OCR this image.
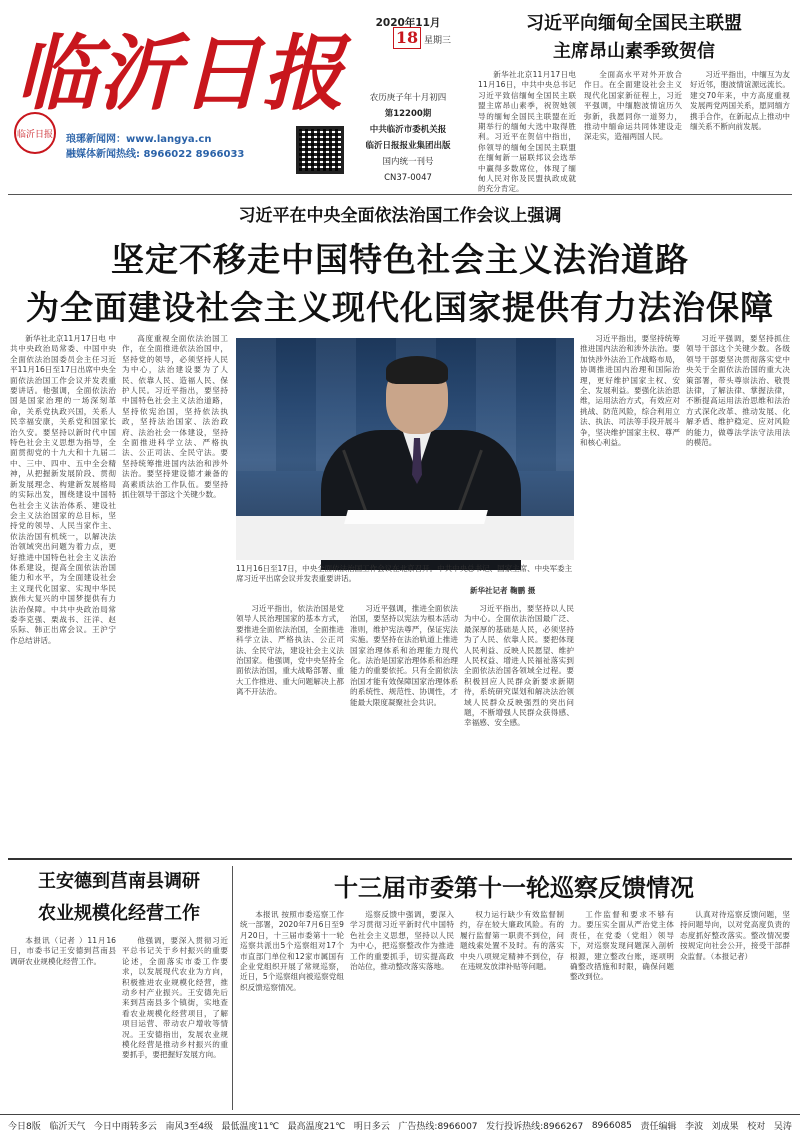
临沂日报
临沂日报 琅琊新闻网：www.langya.cn
融媒体新闻热线: 8966022 8966033
2020年11月
18 星期三
农历庚子年十月初四
第12200期
中共临沂市委机关报
临沂日报报业集团出版
国内统一刊号
CN37-0047
习近平向缅甸全国民主联盟
主席昂山素季致贺信

新华社北京11月17日电 11月16日，中共中央总书记习近平致信缅甸全国民主联盟主席昂山素季，祝贺她领导的缅甸全国民主联盟在近期举行的缅甸大选中取得胜利。习近平在贺信中指出，你领导的缅甸全国民主联盟在缅甸新一届联邦议会选举中赢得多数席位，体现了缅甸人民对你及民盟执政成就的充分肯定。

全面高水平对外开放合作日。在全面建设社会主义现代化国家新征程上，习近平强调，中缅胞波情谊历久弥新，我愿同你一道努力，推动中缅命运共同体建设走深走实，造福两国人民。

习近平指出，中缅互为友好近邻，胞波情谊源远流长。建交70年来，中方高度重视发展两党两国关系，愿同缅方携手合作，在新起点上推动中缅关系不断向前发展。

习近平在中央全面依法治国工作会议上强调
坚定不移走中国特色社会主义法治道路
为全面建设社会主义现代化国家提供有力法治保障

新华社北京11月17日电 中共中央政治局常委、中国中央全面依法治国委员会主任习近平11月16日至17日出席中央全面依法治国工作会议并发表重要讲话。他强调，全面依法治国是国家治理的一场深刻革命，关系党执政兴国，关系人民幸福安康，关系党和国家长治久安。要坚持以新时代中国特色社会主义思想为指导，全面贯彻党的十九大和十九届二中、三中、四中、五中全会精神，从把握新发展阶段、贯彻新发展理念、构建新发展格局的实际出发，围绕建设中国特色社会主义法治体系、建设社会主义法治国家的总目标，坚持党的领导、人民当家作主、依法治国有机统一，以解决法治领域突出问题为着力点，更好推进中国特色社会主义法治体系建设，提高全面依法治国能力和水平，为全面建设社会主义现代化国家、实现中华民族伟大复兴的中国梦提供有力法治保障。中共中央政治局常委李克强、栗战书、汪洋、赵乐际、韩正出席会议。王沪宁作总结讲话。

高度重视全面依法治国工作，在全面推进依法治国中，坚持党的领导，必须坚持人民为中心，法治建设要为了人民、依靠人民、造福人民、保护人民。习近平指出，要坚持中国特色社会主义法治道路，坚持依宪治国，坚持依法执政，坚持法治国家、法治政府、法治社会一体建设，坚持全面推进科学立法、严格执法、公正司法、全民守法。要坚持统筹推进国内法治和涉外法治。要坚持建设德才兼备的高素质法治工作队伍。要坚持抓住领导干部这个关键少数。

习近平指出，要坚持统筹推进国内法治和涉外法治。要加快涉外法治工作战略布局，协调推进国内治理和国际治理，更好维护国家主权、安全、发展利益。要强化法治思维，运用法治方式，有效应对挑战、防范风险，综合利用立法、执法、司法等手段开展斗争，坚决维护国家主权、尊严和核心利益。

习近平强调，要坚持抓住领导干部这个关键少数。各级领导干部要坚决贯彻落实党中央关于全面依法治国的重大决策部署，带头尊崇法治、敬畏法律，了解法律、掌握法律，不断提高运用法治思维和法治方式深化改革、推动发展、化解矛盾、维护稳定、应对风险的能力，做尊法学法守法用法的模范。

习近平指出，依法治国是党领导人民治理国家的基本方式，要推进全面依法治国，全面推进科学立法、严格执法、公正司法、全民守法，建设社会主义法治国家。他强调，党中央坚持全面依法治国，重大战略部署、重大工作推进、重大问题解决上都离不开法治。

习近平强调，推进全面依法治国，要坚持以宪法为根本活动准则，维护宪法尊严，保证宪法实施。要坚持在法治轨道上推进国家治理体系和治理能力现代化。法治是国家治理体系和治理能力的重要依托。只有全面依法治国才能有效保障国家治理体系的系统性、规范性、协调性，才能最大限度凝聚社会共识。

习近平指出，要坚持以人民为中心。全面依法治国最广泛、最深厚的基础是人民，必须坚持为了人民、依靠人民。要把体现人民利益、反映人民愿望、维护人民权益、增进人民福祉落实到全面依法治国各领域全过程。要积极回应人民群众新要求新期待，系统研究谋划和解决法治领域人民群众反映强烈的突出问题，不断增强人民群众获得感、幸福感、安全感。

11月16日至17日，中央全面依法治国工作会议在北京召开。中共中央总书记、国家主席、中央军委主席习近平出席会议并发表重要讲话。
新华社记者 鞠鹏 摄
王安德到莒南县调研
农业规模化经营工作

本报讯（记者 ）11月16日，市委书记王安德到莒南县调研农业规模化经营工作。

他强调，要深入贯彻习近平总书记关于乡村振兴的重要论述，全面落实市委工作要求，以发展现代农业为方向，积极推进农业规模化经营，推动乡村产业振兴。王安德先后来到莒南县多个镇街，实地查看农业规模化经营项目，了解项目运营、带动农户增收等情况。王安德指出，发展农业规模化经营是推动乡村振兴的重要抓手，要把握好发展方向。

十三届市委第十一轮巡察反馈情况

本报讯 按照市委巡察工作统一部署，2020年7月6日至9月20日，十三届市委第十一轮巡察共派出5个巡察组对17个市直部门单位和12家市属国有企业党组织开展了常规巡察，近日，5个巡察组向被巡察党组织反馈巡察情况。

巡察反馈中强调，要深入学习贯彻习近平新时代中国特色社会主义思想，坚持以人民为中心，把巡察整改作为推进工作的重要抓手，切实提高政治站位，推动整改落实落地。

权力运行缺少有效监督制约，存在较大廉政风险。有的履行监督第一职责不到位，问题线索处置不及时。有的落实中央八项规定精神不到位，存在违规发放津补贴等问题。

工作监督和要求不够有力。要压实全面从严治党主体责任，在党委（党组）领导下，对巡察发现问题深入剖析根源，建立整改台账，逐项明确整改措施和时限，确保问题整改到位。

认真对待巡察反馈问题，坚持问题导向，以对党高度负责的态度抓好整改落实。整改情况要按规定向社会公开，接受干部群众监督。（本报记者）

今日8版 临沂天气 今日中雨转多云 南风3至4级 最低温度11℃ 最高温度21℃ 明日多云 广告热线:8966007 发行投诉热线:8966267 8966085 责任编辑 李波 刘成果 校对 吴涛
